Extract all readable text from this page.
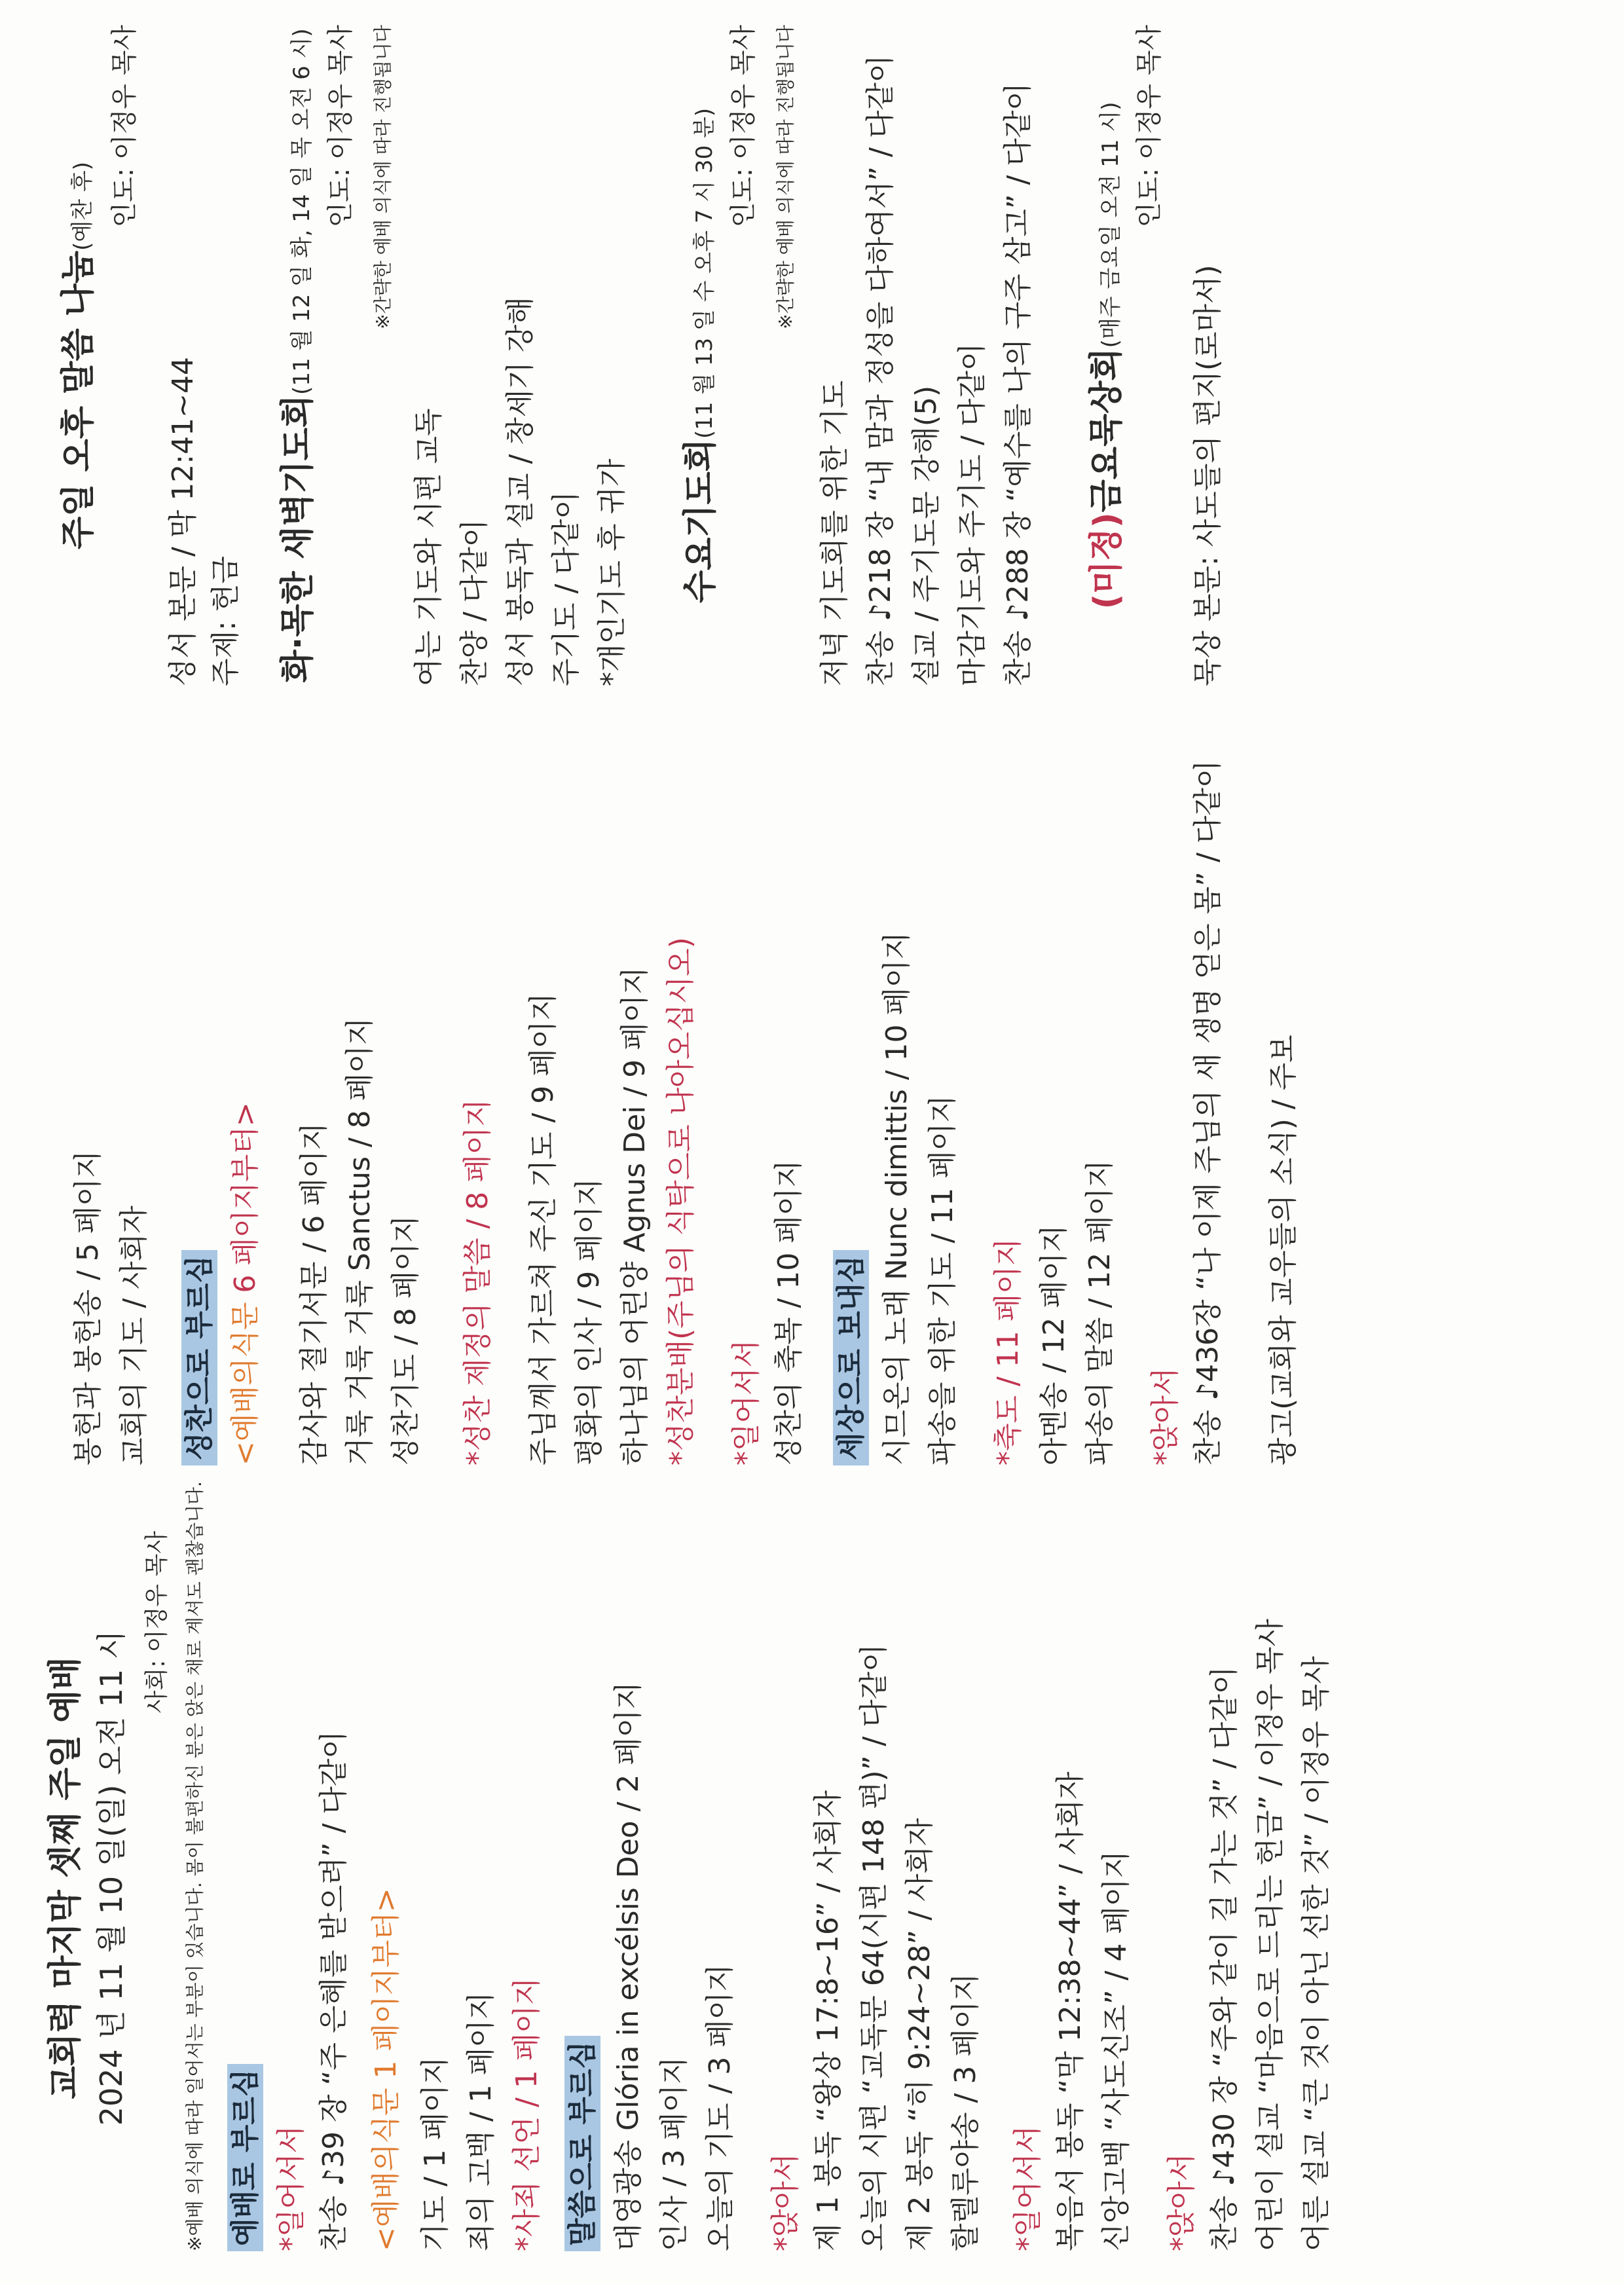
교회력 마지막 셋째 주일 예배 2024 년 11 월 10 일(일) 오전 11 시
사회: 이정우 목사 ※예배 의식에 따라 일어서는 부분이 있습니다. 몸이 불편하신 분은 앉은 채로 계셔도 괜찮습니다. 예배로 부르심 *일어서서 찬송 ♪39 장 “주 은혜를 받으려” / 다같이 <예배의식문 1 페이지부터> 기도 / 1 페이지 죄의 고백 / 1 페이지 *사죄 선언 / 1 페이지 말씀으로 부르심 대영광송 Glória in excélsis Deo / 2 페이지 인사 / 3 페이지 오늘의 기도 / 3 페이지 *앉아서 제 1 봉독 “왕상 17:8~16” / 사회자 오늘의 시편 “교독문 64(시편 148 편)” / 다같이 제 2 봉독 “히 9:24~28” / 사회자 할렐루야송 / 3 페이지 *일어서서 복음서 봉독 “막 12:38~44” / 사회자 신앙고백 “사도신조” / 4 페이지 *앉아서 찬송 ♪430 장 “주와 같이 길 가는 것” / 다같이 어린이 설교 “마음으로 드리는 헌금” / 이정우 목사 어른 설교 “큰 것이 아닌 선한 것” / 이정우 목사
봉헌과 봉헌송 / 5 페이지 교회의 기도 / 사회자 성찬으로 부르심 <예배의식문 6 페이지부터> 감사와 절기서문 / 6 페이지 거룩 거룩 거룩 Sanctus / 8 페이지 성찬기도 / 8 페이지 *성찬 제정의 말씀 / 8 페이지 주님께서 가르쳐 주신 기도 / 9 페이지 평화의 인사 / 9 페이지 하나님의 어린양 Agnus Dei / 9 페이지 *성찬분배(주님의 식탁으로 나아오십시오) *일어서서 성찬의 축복 / 10 페이지 세상으로 보내심 시므온의 노래 Nunc dimittis / 10 페이지 파송을 위한 기도 / 11 페이지 *축도 / 11 페이지 아멘송 / 12 페이지 파송의 말씀 / 12 페이지 *앉아서 찬송 ♪436장 “나 이제 주님의 새 생명 얻은 몸” / 다같이 광고(교회와 교우들의 소식) / 주보
주일 오후 말씀 나눔(예찬 후) 인도: 이정우 목사
성서 본문 / 막 12:41~44 주제: 헌금 화·목한 새벽기도회(11 월 12 일 화, 14 일 목 오전 6 시) 인도: 이정우 목사 ※간략한 예배 의식에 따라 진행됩니다
여는 기도와 시편 교독 찬양 / 다같이 성서 봉독과 설교 / 창세기 강해 주기도 / 다같이 *개인기도 후 귀가 수요기도회(11 월 13 일 수 오후 7 시 30 분) 인도: 이정우 목사 ※간략한 예배 의식에 따라 진행됩니다
저녁 기도회를 위한 기도 찬송 ♪218 장 “내 맘과 정성을 다하여서” / 다같이 설교 / 주기도문 강해(5) 마감기도와 주기도 / 다같이 찬송 ♪288 장 “예수를 나의 구주 삼고” / 다같이 (미정)금요묵상회(매주 금요일 오전 11 시) 인도: 이정우 목사
묵상 본문: 사도들의 편지(로마서)
